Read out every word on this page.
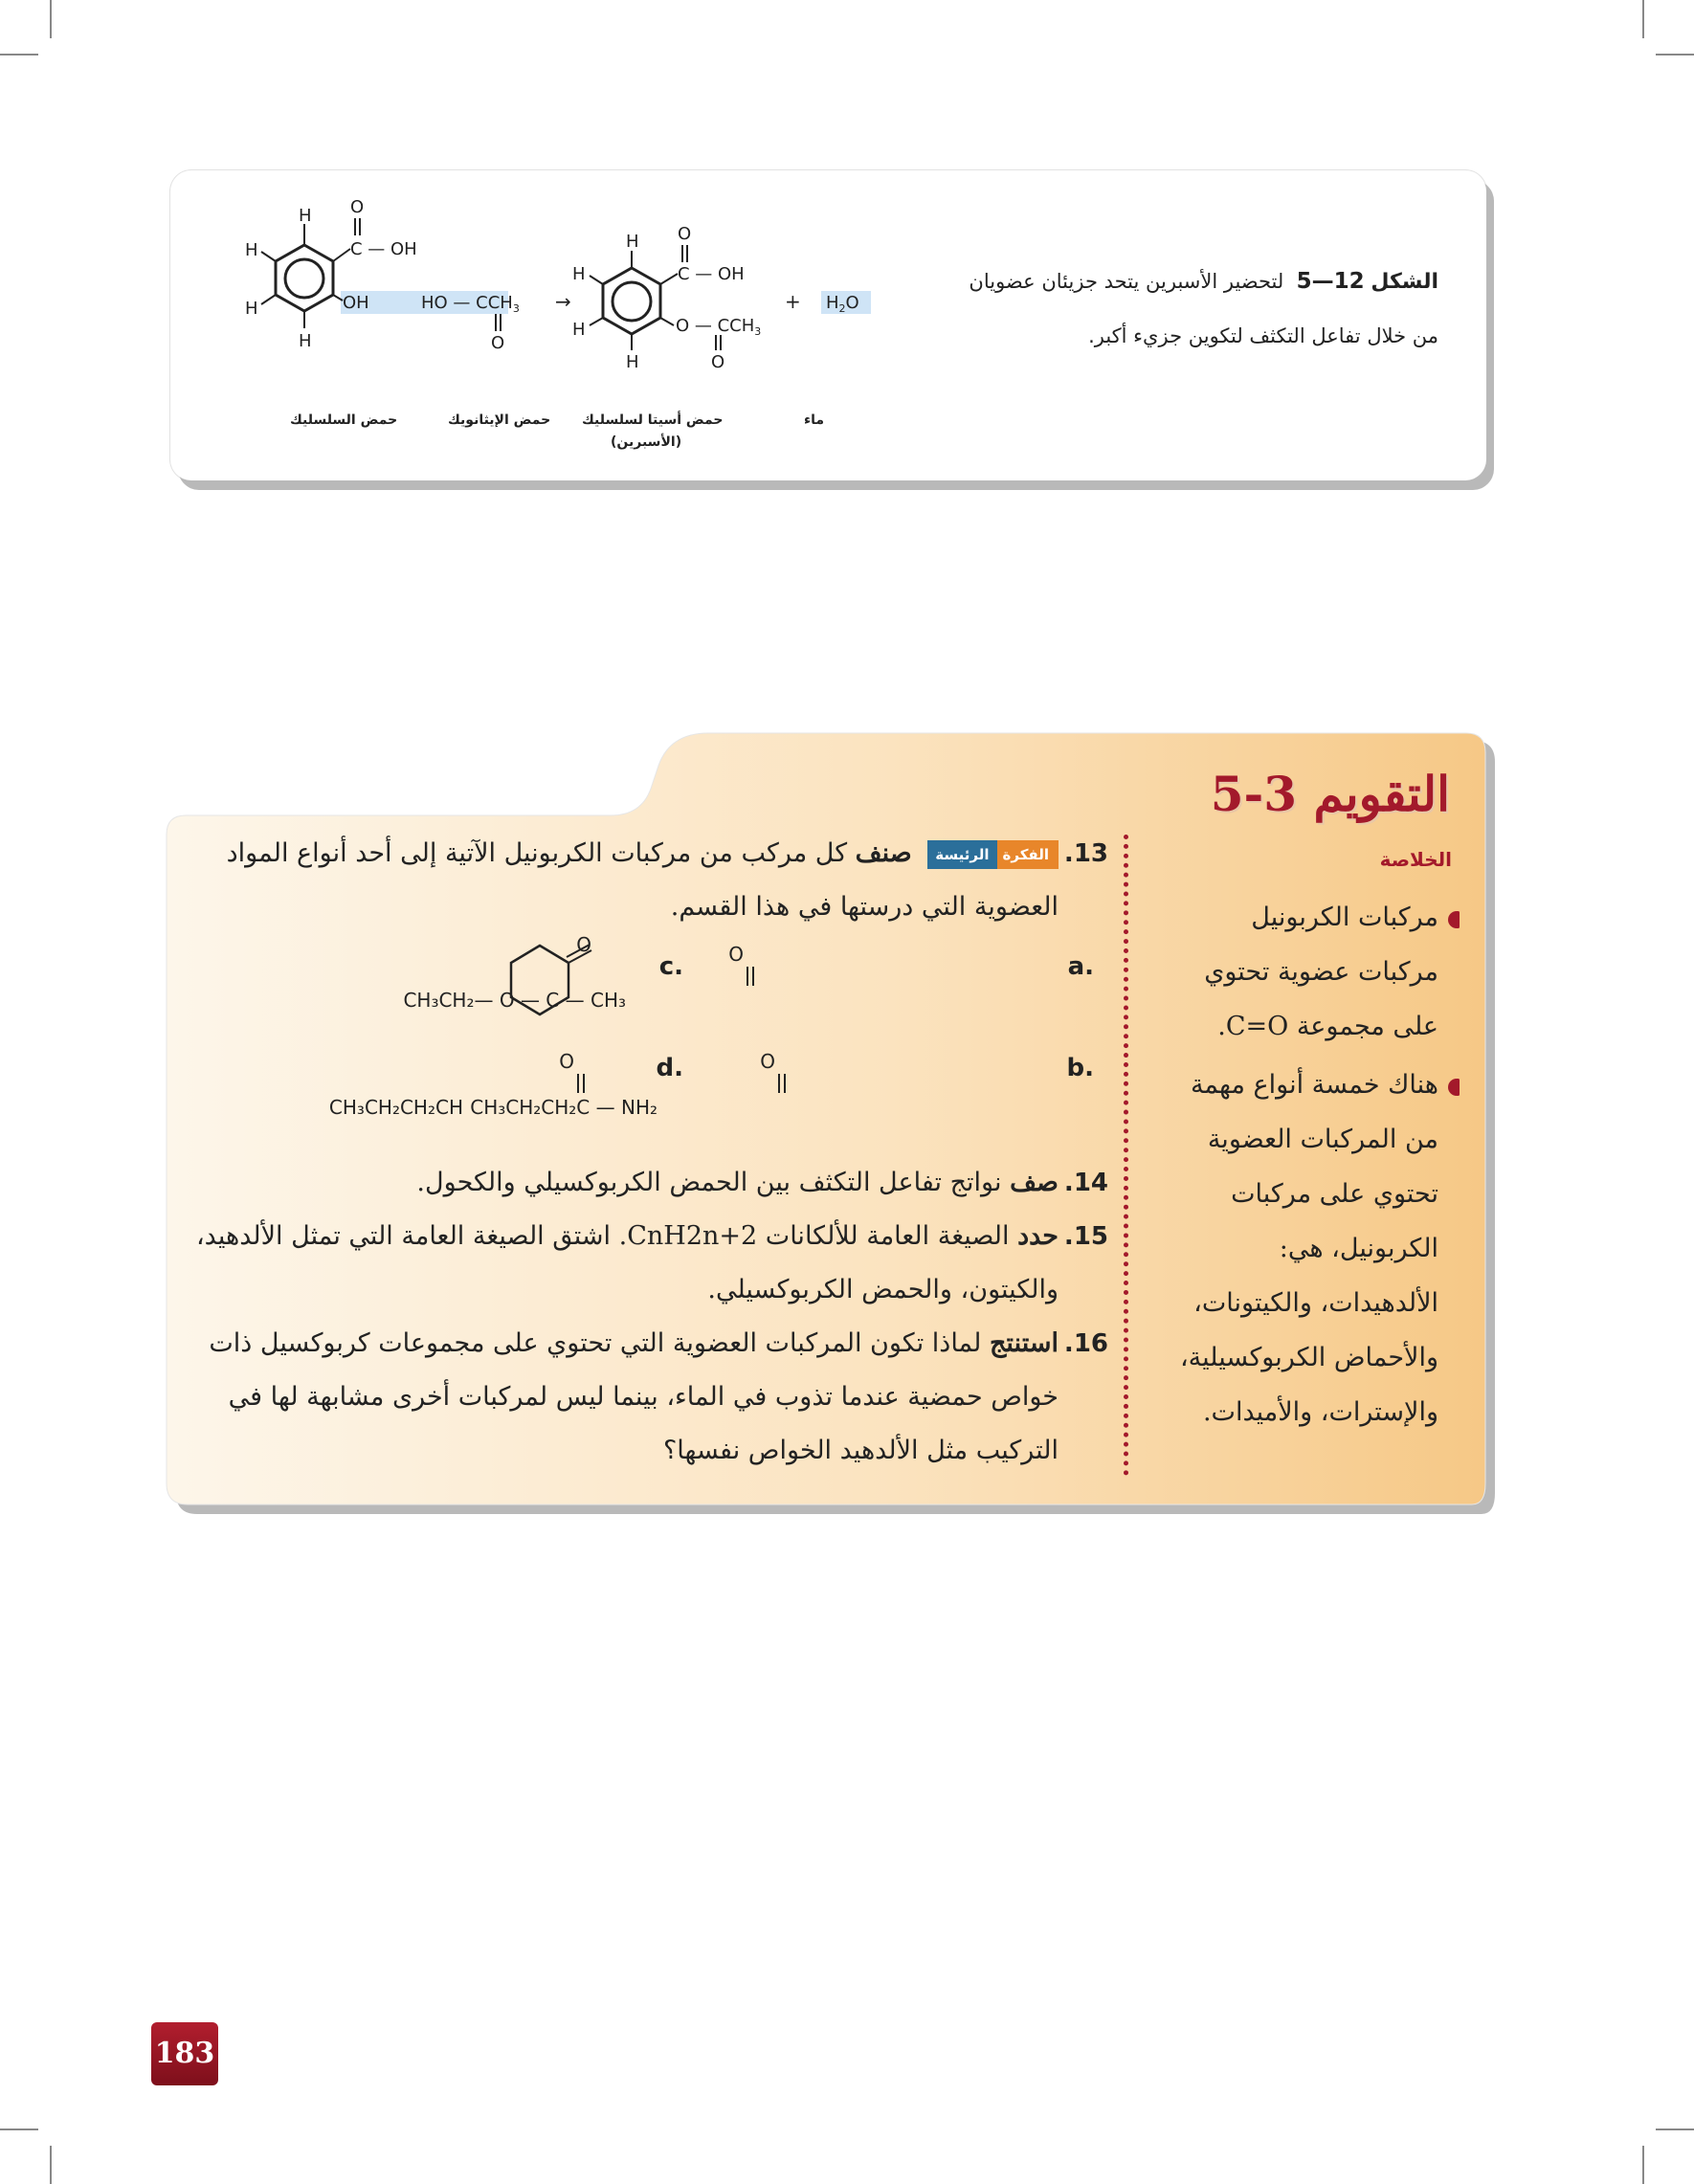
الشكل 12—5  لتحضير الأسبرين يتحد جزيئان عضويان من خلال تفاعل التكثف لتكوين جزيء أكبر.
H
H
H
H
O
C — OH
OH	HO — $CCH_3$
O
→
H
H
H
H
O
C — OH
O — $CCH_3$
O
+ $H_2O$
حمض السلسليك	حمض الإيثانويك حمض أسيتا لسلسليك
(الأسبرين)
ماء
التقويم 3-5
الخلاصة
مركبات الكربونيل مركبات عضوية تحتوي على مجموعة C=O.
هناك خمسة أنواع مهمة من المركبات العضوية تحتوي على مركبات الكربونيل، هي: الألدهيدات، والكيتونات، والأحماض الكربوكسيلية، والإسترات، والأميدات.
13.
الفكرةالرئيسة صنف كل مركب من مركبات الكربونيل الآتية إلى أحد أنواع المواد العضوية التي درستها في هذا القسم.
.a
.c
.b
.d
O
CH₃CH₂— O — C — CH₃
O
O
CH₃CH₂CH₂C — NH₂
O
CH₃CH₂CH₂CH
14.
صف نواتج تفاعل التكثف بين الحمض الكربوكسيلي والكحول.
15.
حدد الصيغة العامة للألكانات CnH2n+2. اشتق الصيغة العامة التي تمثل الألدهيد، والكيتون، والحمض الكربوكسيلي.
16.
استنتج لماذا تكون المركبات العضوية التي تحتوي على مجموعات كربوكسيل ذات خواص حمضية عندما تذوب في الماء، بينما ليس لمركبات أخرى مشابهة لها في التركيب مثل الألدهيد الخواص نفسها؟
183
